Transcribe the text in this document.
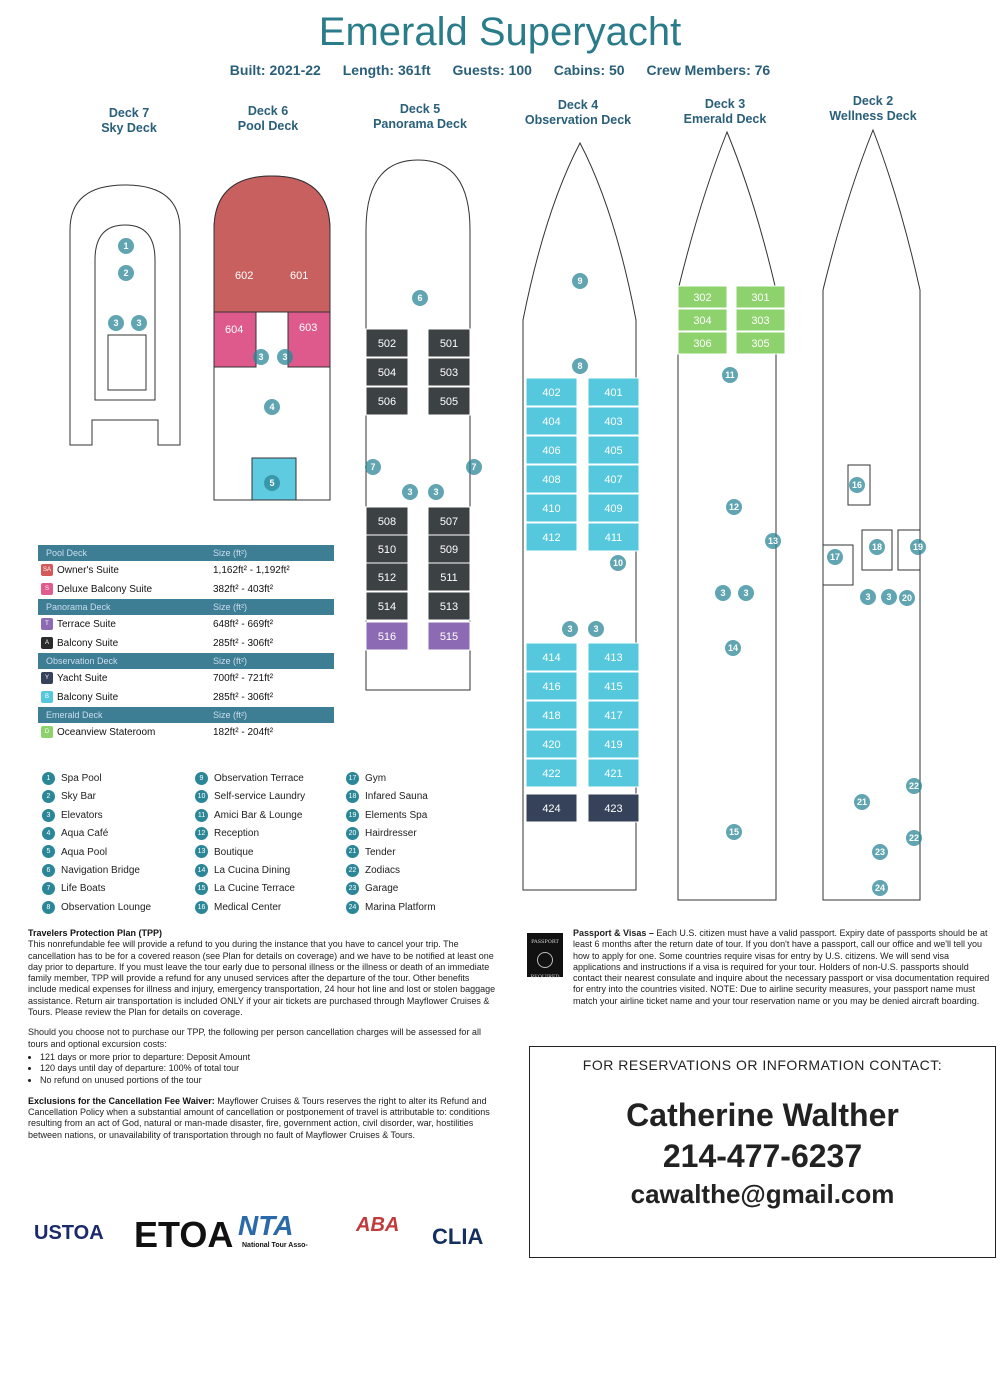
Emerald Superyacht
Built: 2021-22 Length: 361ft Guests: 100 Cabins: 50 Crew Members: 76
Deck 7
Sky Deck
Deck 6
Pool Deck
Deck 5
Panorama Deck
Deck 4
Observation Deck
Deck 3
Emerald Deck
Deck 2
Wellness Deck
602	601
604	603
502	501
504	503
506	505
508	507
510	509
512	511
514	513
516	515
402	401
404	403
406	405
408	407
410	409
412	411
414	413
416	415
418	417
420	419
422	421
424	423
302	301
304	303
306	305
1
2
3 3
3 3
4
5
6
7	7
3 3
8
9
10
3 3
11
12
13
3 3
14
15
16
17
18	19
3 3 20
21
22
22
23
24
Pool Deck	Size (ft²)
SA Owner's Suite	1,162ft² - 1,192ft²
S Deluxe Balcony Suite	382ft² - 403ft²
Panorama Deck	Size (ft²)
T Terrace Suite	648ft² - 669ft²
A Balcony Suite	285ft² - 306ft²
Observation Deck	Size (ft²)
Y Yacht Suite	700ft² - 721ft²
B Balcony Suite	285ft² - 306ft²
Emerald Deck	Size (ft²)
D Oceanview Stateroom	182ft² - 204ft²
1 Spa Pool
2 Sky Bar
3 Elevators
4 Aqua Café
5 Aqua Pool
6 Navigation Bridge
7 Life Boats
8 Observation Lounge
9 Observation Terrace
10 Self-service Laundry
11 Amici Bar & Lounge
12 Reception
13 Boutique
14 La Cucina Dining
15 La Cucine Terrace
16 Medical Center
17 Gym
18 Infared Sauna
19 Elements Spa
20 Hairdresser
21 Tender
22 Zodiacs
23 Garage
24 Marina Platform
Travelers Protection Plan (TPP)

This nonrefundable fee will provide a refund to you during the instance that you have to cancel your trip. The cancellation has to be for a covered reason (see Plan for details on coverage) and we have to be notified at least one day prior to departure. If you must leave the tour early due to personal illness or the illness or death of an immediate family member, TPP will provide a refund for any unused services after the departure of the tour. Other benefits include medical expenses for illness and injury, emergency transportation, 24 hour hot line and lost or stolen baggage assistance. Return air transportation is included ONLY if your air tickets are purchased through Mayflower Cruises & Tours. Please review the Plan for details on coverage.

Should you choose not to purchase our TPP, the following per person cancellation charges will be assessed for all tours and optional excursion costs:

• 121 days or more prior to departure: Deposit Amount
• 120 days until day of departure: 100% of total tour
• No refund on unused portions of the tour

Exclusions for the Cancellation Fee Waiver: Mayflower Cruises & Tours reserves the right to alter its Refund and Cancellation Policy when a substantial amount of cancellation or postponement of travel is attributable to: conditions resulting from an act of God, natural or man-made disaster, fire, government action, civil disorder, war, hostilities between nations, or unavailability of transportation through no fault of Mayflower Cruises & Tours.

USTOA ETOA NTA
National Tour Asso-
ABA CLIA
PASSPORT
REQUIRED
Passport & Visas – Each U.S. citizen must have a valid passport. Expiry date of passports should be at least 6 months after the return date of tour. If you don't have a passport, call our office and we'll tell you how to apply for one. Some countries require visas for entry by U.S. citizens. We will send visa applications and instructions if a visa is required for your tour. Holders of non-U.S. passports should contact their nearest consulate and inquire about the necessary passport or visa documentation required for entry into the countries visited. NOTE: Due to airline security measures, your passport name must match your airline ticket name and your tour reservation name or you may be denied aircraft boarding.
FOR RESERVATIONS OR INFORMATION CONTACT:
Catherine Walther
214-477-6237
cawalthe@gmail.com
